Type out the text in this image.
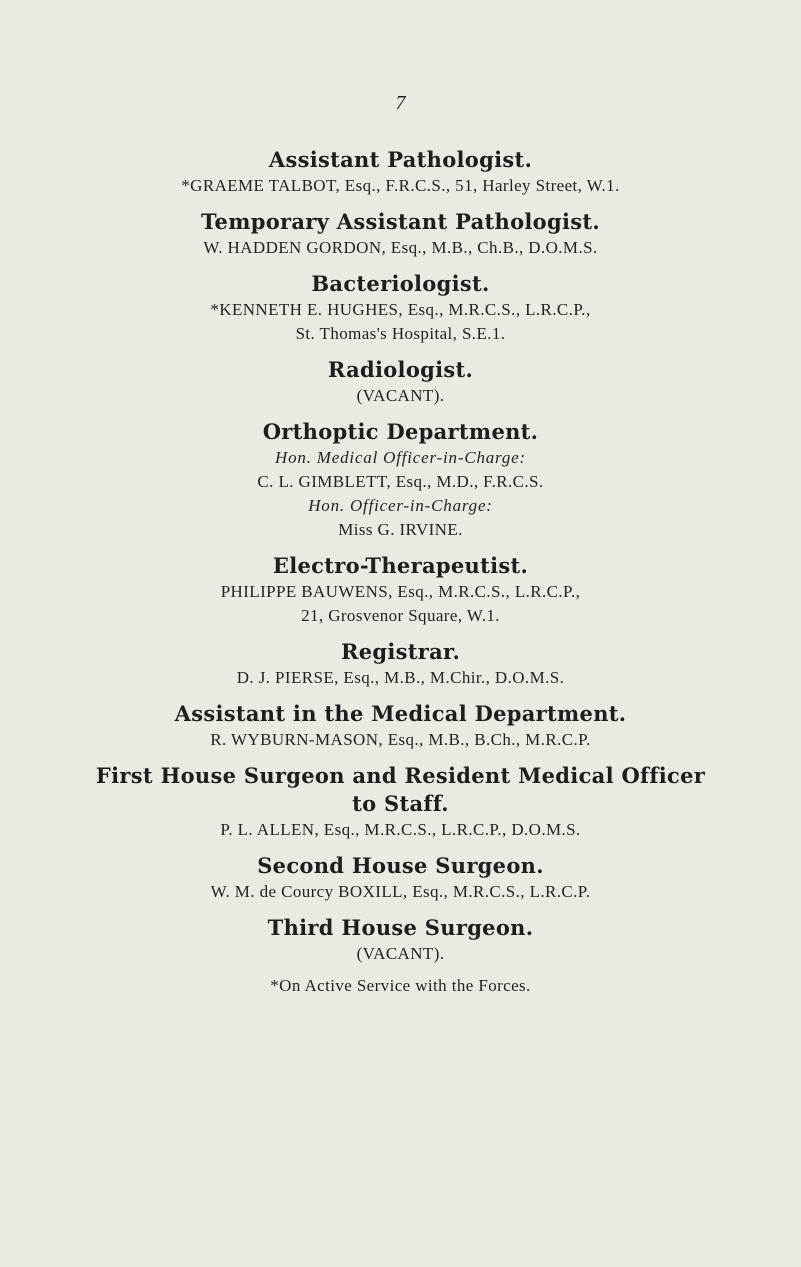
7
Assistant Pathologist.
*GRAEME TALBOT, Esq., F.R.C.S., 51, Harley Street, W.1.
Temporary Assistant Pathologist.
W. HADDEN GORDON, Esq., M.B., Ch.B., D.O.M.S.
Bacteriologist.
*KENNETH E. HUGHES, Esq., M.R.C.S., L.R.C.P.,
St. Thomas's Hospital, S.E.1.
Radiologist.
(VACANT).
Orthoptic Department.
Hon. Medical Officer-in-Charge:
C. L. GIMBLETT, Esq., M.D., F.R.C.S.
Hon. Officer-in-Charge:
Miss G. IRVINE.
Electro-Therapeutist.
PHILIPPE BAUWENS, Esq., M.R.C.S., L.R.C.P.,
21, Grosvenor Square, W.1.
Registrar.
D. J. PIERSE, Esq., M.B., M.Chir., D.O.M.S.
Assistant in the Medical Department.
R. WYBURN-MASON, Esq., M.B., B.Ch., M.R.C.P.
First House Surgeon and Resident Medical Officer
to Staff.
P. L. ALLEN, Esq., M.R.C.S., L.R.C.P., D.O.M.S.
Second House Surgeon.
W. M. de Courcy BOXILL, Esq., M.R.C.S., L.R.C.P.
Third House Surgeon.
(VACANT).
*On Active Service with the Forces.
